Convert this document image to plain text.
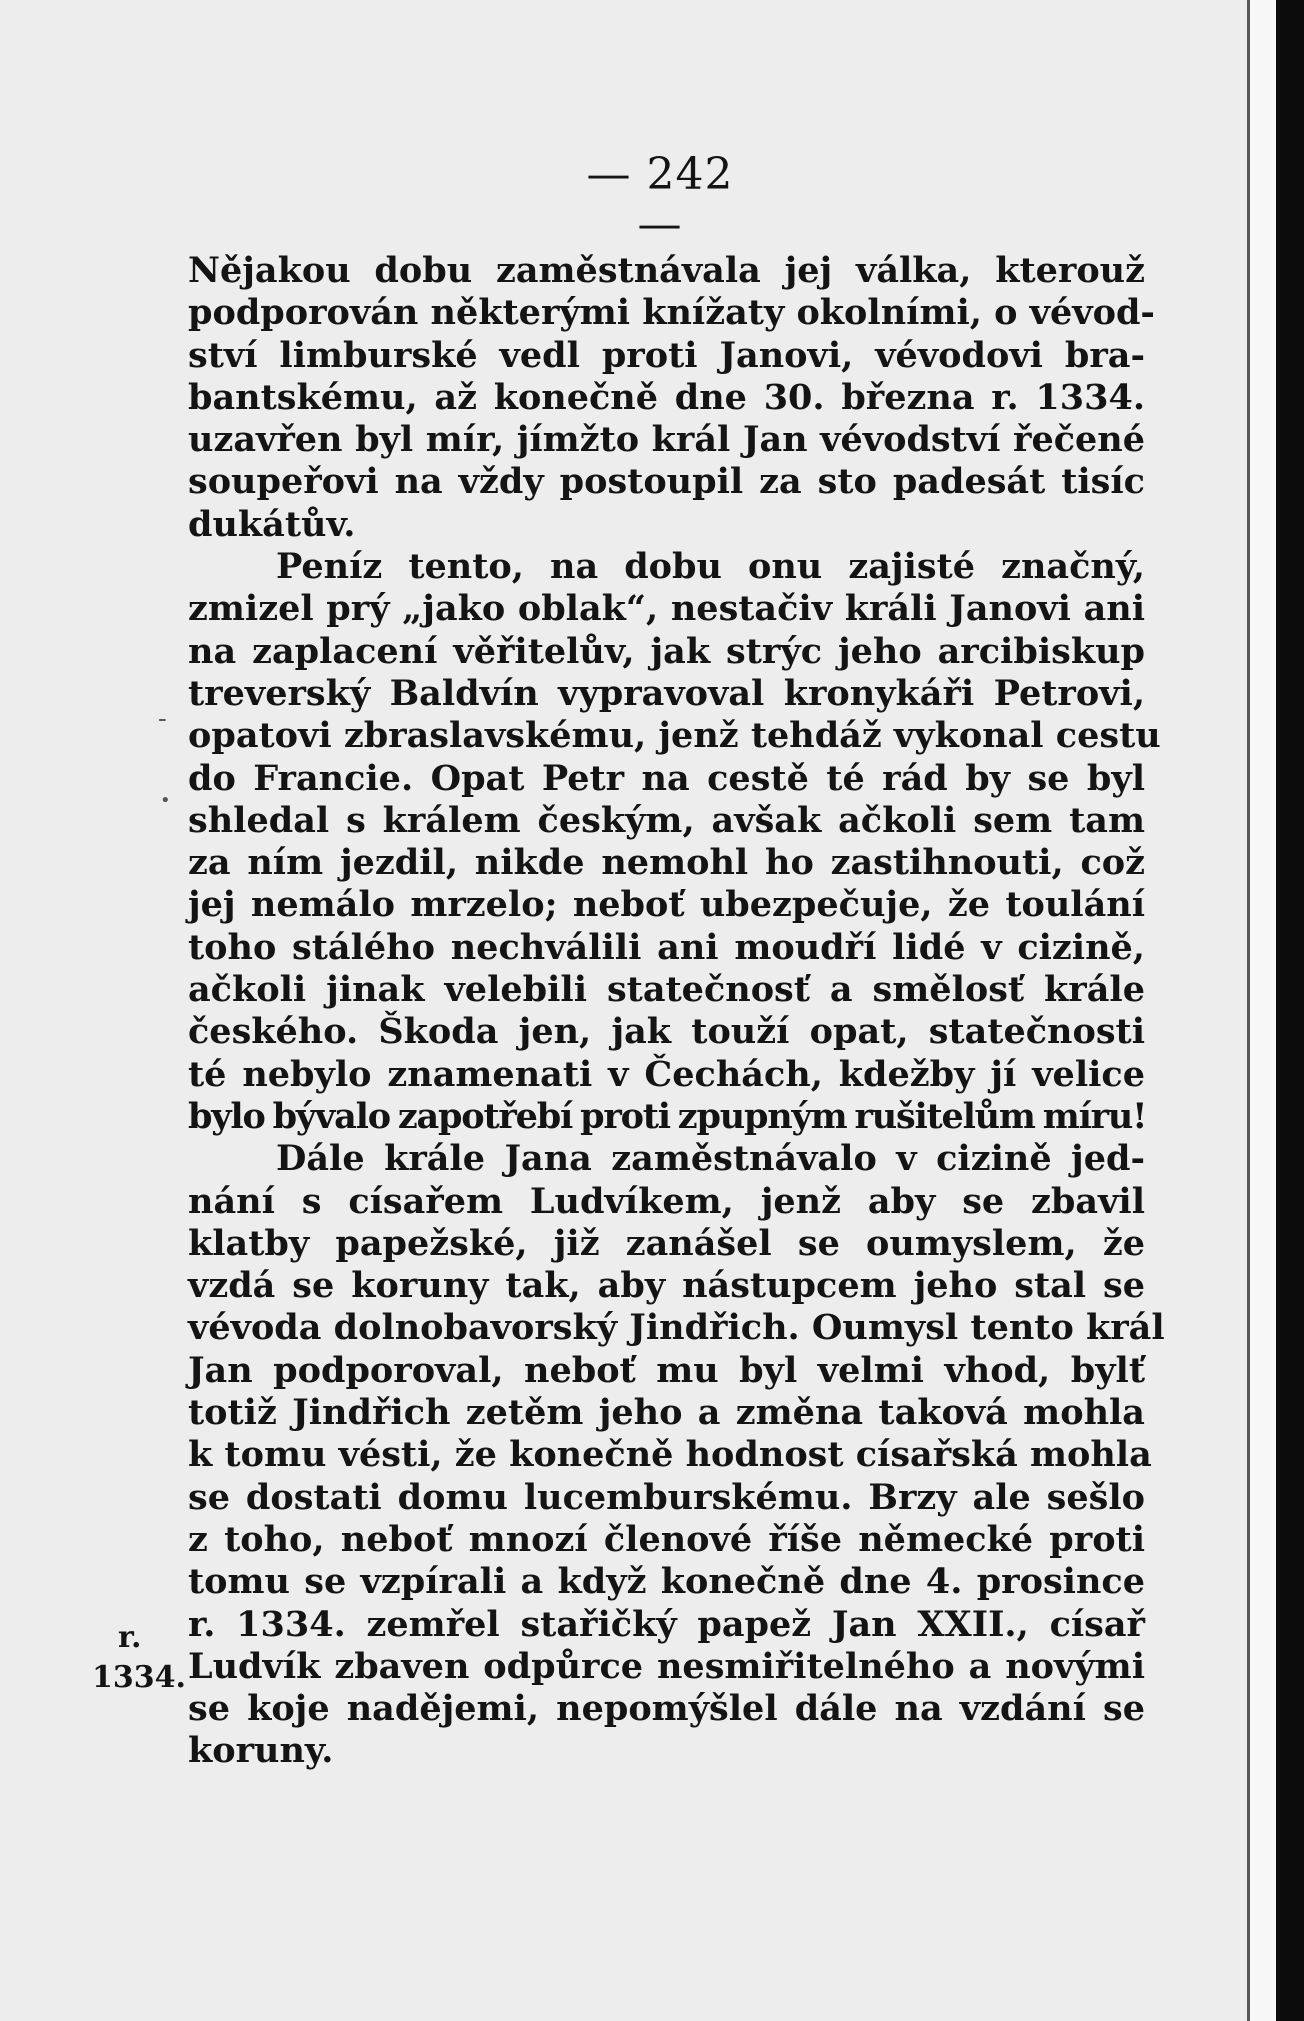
-
•
— 242 —
Nějakou dobu zaměstnávala jej válka, kterouž
podporován některými knížaty okolními, o vévod-
ství limburské vedl proti Janovi, vévodovi bra-
bantskému, až konečně dne 30. března r. 1334.
uzavřen byl mír, jímžto král Jan vévodství řečené
soupeřovi na vždy postoupil za sto padesát tisíc
dukátův.
Peníz tento, na dobu onu zajisté značný,
zmizel prý „jako oblak“, nestačiv králi Janovi ani
na zaplacení věřitelův, jak strýc jeho arcibiskup
treverský Baldvín vypravoval kronykáři Petrovi,
opatovi zbraslavskému, jenž tehdáž vykonal cestu
do Francie. Opat Petr na cestě té rád by se byl
shledal s králem českým, avšak ačkoli sem tam
za ním jezdil, nikde nemohl ho zastihnouti, což
jej nemálo mrzelo; neboť ubezpečuje, že toulání
toho stálého nechválili ani moudří lidé v cizině,
ačkoli jinak velebili statečnosť a smělosť krále
českého. Škoda jen, jak touží opat, statečnosti
té nebylo znamenati v Čechách, kdežby jí velice
bylo bývalo zapotřebí proti zpupným rušitelům míru!
Dále krále Jana zaměstnávalo v cizině jed-
nání s císařem Ludvíkem, jenž aby se zbavil
klatby papežské, již zanášel se oumyslem, že
vzdá se koruny tak, aby nástupcem jeho stal se
vévoda dolnobavorský Jindřich. Oumysl tento král
Jan podporoval, neboť mu byl velmi vhod, bylť
totiž Jindřich zetěm jeho a změna taková mohla
k tomu vésti, že konečně hodnost císařská mohla
se dostati domu lucemburskému. Brzy ale sešlo
z toho, neboť mnozí členové říše německé proti
tomu se vzpírali a když konečně dne 4. prosince
r. 1334. zemřel stařičký papež Jan XXII., císař
Ludvík zbaven odpůrce nesmiřitelného a novými
se koje nadějemi, nepomýšlel dále na vzdání se
koruny.
r.
1334.
